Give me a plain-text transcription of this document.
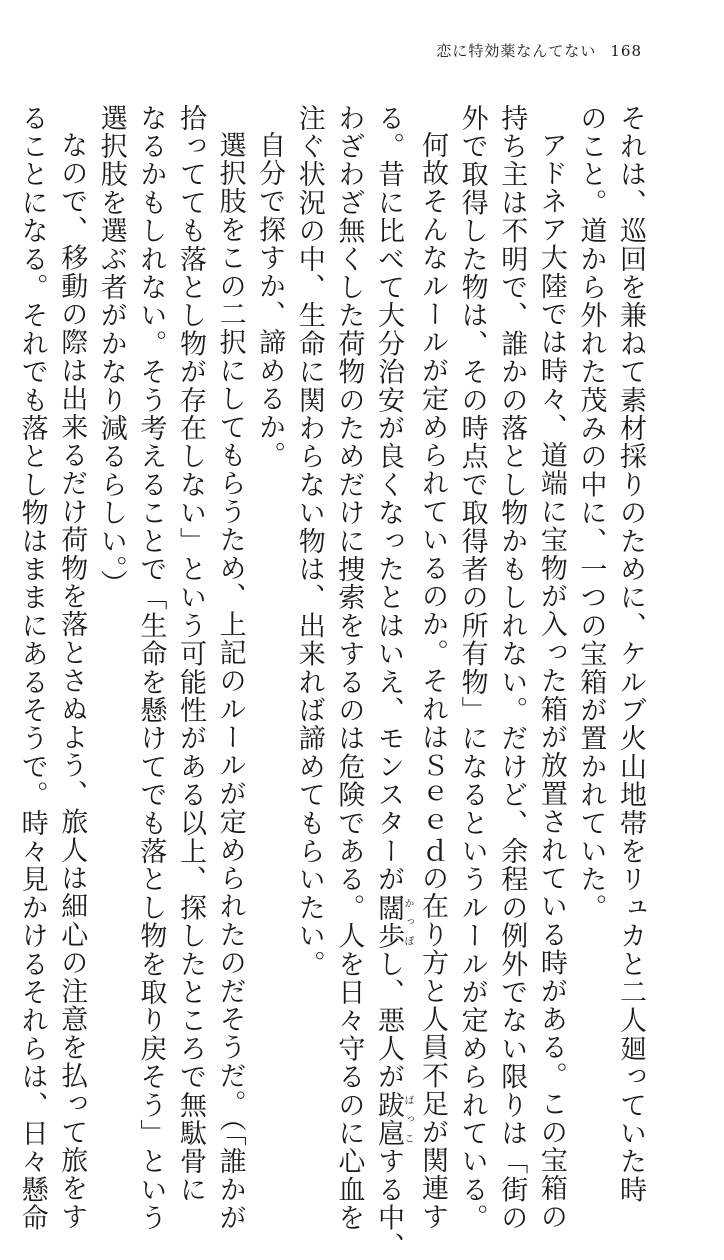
恋に特効薬なんてない 168
それは、巡回を兼ねて素材採りのために、ケルブ火山地帯をリュカと二人廻っていた時
のこと。道から外れた茂みの中に、一つの宝箱が置かれていた。
アドネア大陸では時々、道端に宝物が入った箱が放置されている時がある。この宝箱の
持ち主は不明で、誰かの落とし物かもしれない。だけど、余程の例外でない限りは「街の
外で取得した物は、その時点で取得者の所有物」になるというルールが定められている。
何故そんなルールが定められているのか。それはＳｅｅｄの在り方と人員不足が関連す
る。昔に比べて大分治安が良くなったとはいえ、モンスターが闊歩かっぽし、悪人が跋扈ばっこする中、
わざわざ無くした荷物のためだけに捜索をするのは危険である。人を日々守るのに心血を
注ぐ状況の中、生命に関わらない物は、出来れば諦めてもらいたい。
自分で探すか、諦めるか。
選択肢をこの二択にしてもらうため、上記のルールが定められたのだそうだ。（「誰かが
拾ってても落とし物が存在しない」という可能性がある以上、探したところで無駄骨に
なるかもしれない。そう考えることで「生命を懸けてでも落とし物を取り戻そう」という
選択肢を選ぶ者がかなり減るらしい。）
なので、移動の際は出来るだけ荷物を落とさぬよう、旅人は細心の注意を払って旅をす
ることになる。それでも落とし物はままにあるそうで。時々見かけるそれらは、日々懸命
